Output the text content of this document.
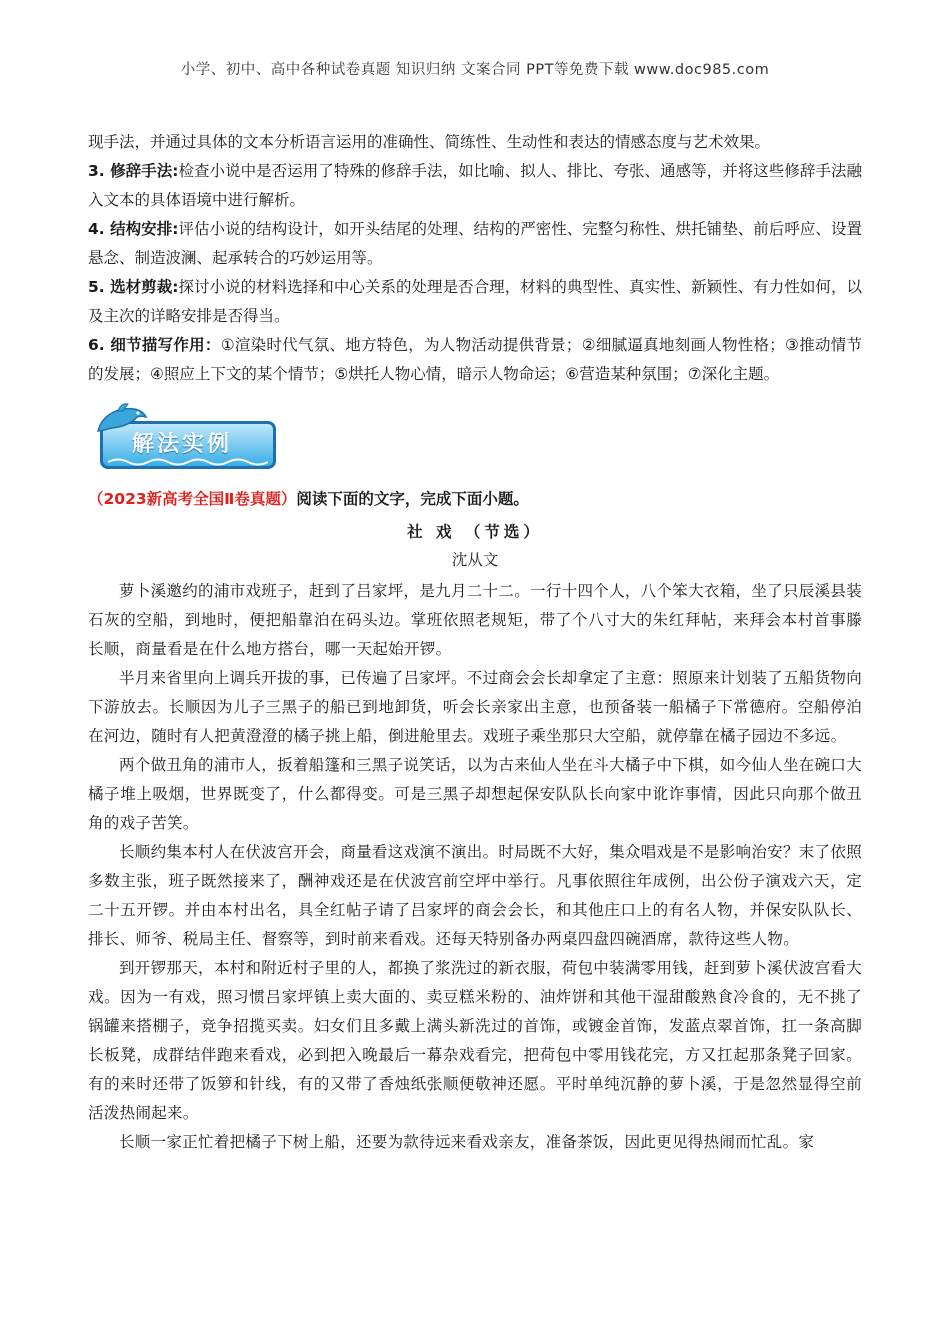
小学、初中、高中各种试卷真题 知识归纳 文案合同 PPT等免费下载 www.doc985.com

现手法，并通过具体的文本分析语言运用的准确性、简练性、生动性和表达的情感态度与艺术效果。

3. 修辞手法:检查小说中是否运用了特殊的修辞手法，如比喻、拟人、排比、夸张、通感等，并将这些修辞手法融入文本的具体语境中进行解析。

4. 结构安排:评估小说的结构设计，如开头结尾的处理、结构的严密性、完整匀称性、烘托铺垫、前后呼应、设置悬念、制造波澜、起承转合的巧妙运用等。

5. 选材剪裁:探讨小说的材料选择和中心关系的处理是否合理，材料的典型性、真实性、新颖性、有力性如何，以及主次的详略安排是否得当。

6. 细节描写作用：①渲染时代气氛、地方特色，为人物活动提供背景；②细腻逼真地刻画人物性格；③推动情节的发展；④照应上下文的某个情节；⑤烘托人物心情，暗示人物命运；⑥营造某种氛围；⑦深化主题。

解法实例

（2023新高考全国Ⅱ卷真题）阅读下面的文字，完成下面小题。

社 戏 （节选）

沈从文

萝卜溪邀约的浦市戏班子，赶到了吕家坪，是九月二十二。一行十四个人，八个笨大衣箱，坐了只辰溪县装石灰的空船，到地时，便把船靠泊在码头边。掌班依照老规矩，带了个八寸大的朱红拜帖，来拜会本村首事滕长顺，商量看是在什么地方搭台，哪一天起始开锣。

半月来省里向上调兵开拔的事，已传遍了吕家坪。不过商会会长却拿定了主意：照原来计划装了五船货物向下游放去。长顺因为儿子三黑子的船已到地卸货，听会长亲家出主意，也预备装一船橘子下常德府。空船停泊在河边，随时有人把黄澄澄的橘子挑上船，倒进舱里去。戏班子乘坐那只大空船，就停靠在橘子园边不多远。

两个做丑角的浦市人，扳着船篷和三黑子说笑话，以为古来仙人坐在斗大橘子中下棋，如今仙人坐在碗口大橘子堆上吸烟，世界既变了，什么都得变。可是三黑子却想起保安队队长向家中讹诈事情，因此只向那个做丑角的戏子苦笑。

长顺约集本村人在伏波宫开会，商量看这戏演不演出。时局既不大好，集众唱戏是不是影响治安？末了依照多数主张，班子既然接来了，酬神戏还是在伏波宫前空坪中举行。凡事依照往年成例，出公份子演戏六天，定二十五开锣。并由本村出名，具全红帖子请了吕家坪的商会会长，和其他庄口上的有名人物，并保安队队长、排长、师爷、税局主任、督察等，到时前来看戏。还每天特别备办两桌四盘四碗酒席，款待这些人物。

到开锣那天，本村和附近村子里的人，都换了浆洗过的新衣服，荷包中装满零用钱，赶到萝卜溪伏波宫看大戏。因为一有戏，照习惯吕家坪镇上卖大面的、卖豆糕米粉的、油炸饼和其他干湿甜酸熟食冷食的，无不挑了锅罐来搭棚子，竞争招揽买卖。妇女们且多戴上满头新洗过的首饰，或镀金首饰，发蓝点翠首饰，扛一条高脚长板凳，成群结伴跑来看戏，必到把入晚最后一幕杂戏看完，把荷包中零用钱花完，方又扛起那条凳子回家。有的来时还带了饭箩和针线，有的又带了香烛纸张顺便敬神还愿。平时单纯沉静的萝卜溪，于是忽然显得空前活泼热闹起来。

长顺一家正忙着把橘子下树上船，还要为款待远来看戏亲友，准备茶饭，因此更见得热闹而忙乱。家
